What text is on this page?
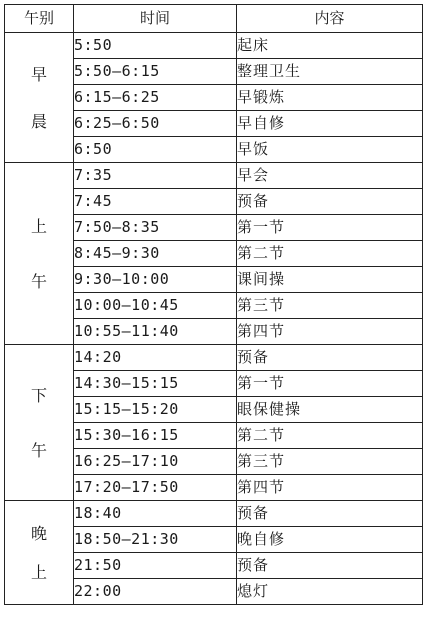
午别	时间	内容

早
晨	5:50	起床
	5:50—6:15	整理卫生
	6:15—6:25	早锻炼
	6:25—6:50	早自修
	6:50	早饭

上
午	7:35	早会
	7:45	预备
	7:50—8:35	第一节
	8:45—9:30	第二节
	9:30—10:00	课间操
	10:00—10:45	第三节
	10:55—11:40	第四节

下
午	14:20	预备
	14:30—15:15	第一节
	15:15—15:20	眼保健操
	15:30—16:15	第二节
	16:25—17:10	第三节
	17:20—17:50	第四节

晚
上	18:40	预备
	18:50—21:30	晚自修
	21:50	预备
	22:00	熄灯
